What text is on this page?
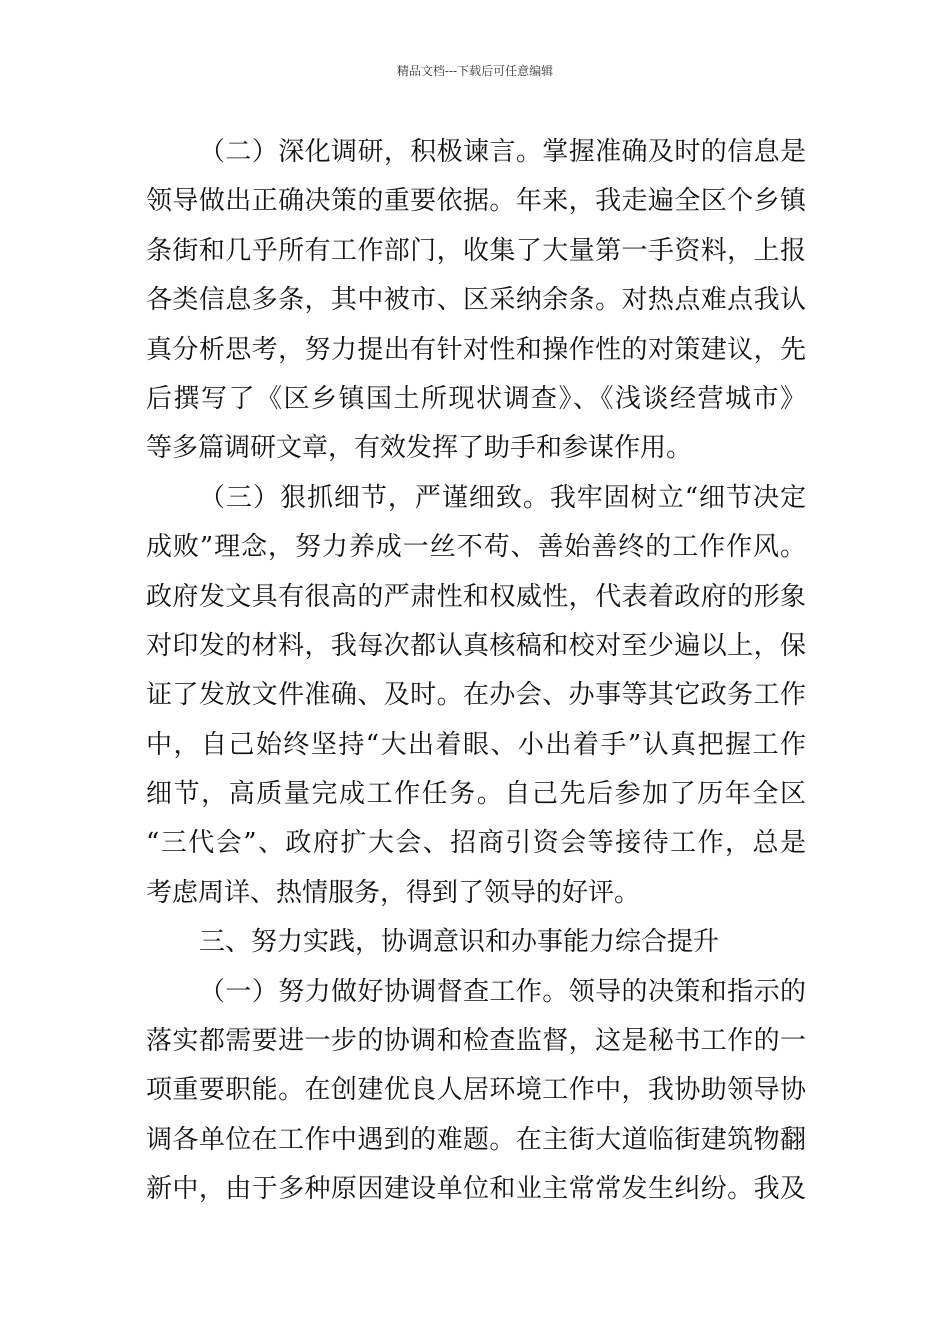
精品文档---下载后可任意编辑
（二）深化调研，积极谏言。掌握准确及时的信息是
领导做出正确决策的重要依据。年来，我走遍全区个乡镇
条街和几乎所有工作部门，收集了大量第一手资料，上报
各类信息多条，其中被市、区采纳余条。对热点难点我认
真分析思考，努力提出有针对性和操作性的对策建议，先
后撰写了《区乡镇国土所现状调查》、《浅谈经营城市》
等多篇调研文章，有效发挥了助手和参谋作用。
（三）狠抓细节，严谨细致。我牢固树立“细节决定
成败”理念，努力养成一丝不苟、善始善终的工作作风。
政府发文具有很高的严肃性和权威性，代表着政府的形象
对印发的材料，我每次都认真核稿和校对至少遍以上，保
证了发放文件准确、及时。在办会、办事等其它政务工作
中，自己始终坚持“大出着眼、小出着手”认真把握工作
细节，高质量完成工作任务。自己先后参加了历年全区
“三代会”、政府扩大会、招商引资会等接待工作，总是
考虑周详、热情服务，得到了领导的好评。
三、努力实践，协调意识和办事能力综合提升
（一）努力做好协调督查工作。领导的决策和指示的
落实都需要进一步的协调和检查监督，这是秘书工作的一
项重要职能。在创建优良人居环境工作中，我协助领导协
调各单位在工作中遇到的难题。在主街大道临街建筑物翻
新中，由于多种原因建设单位和业主常常发生纠纷。我及
